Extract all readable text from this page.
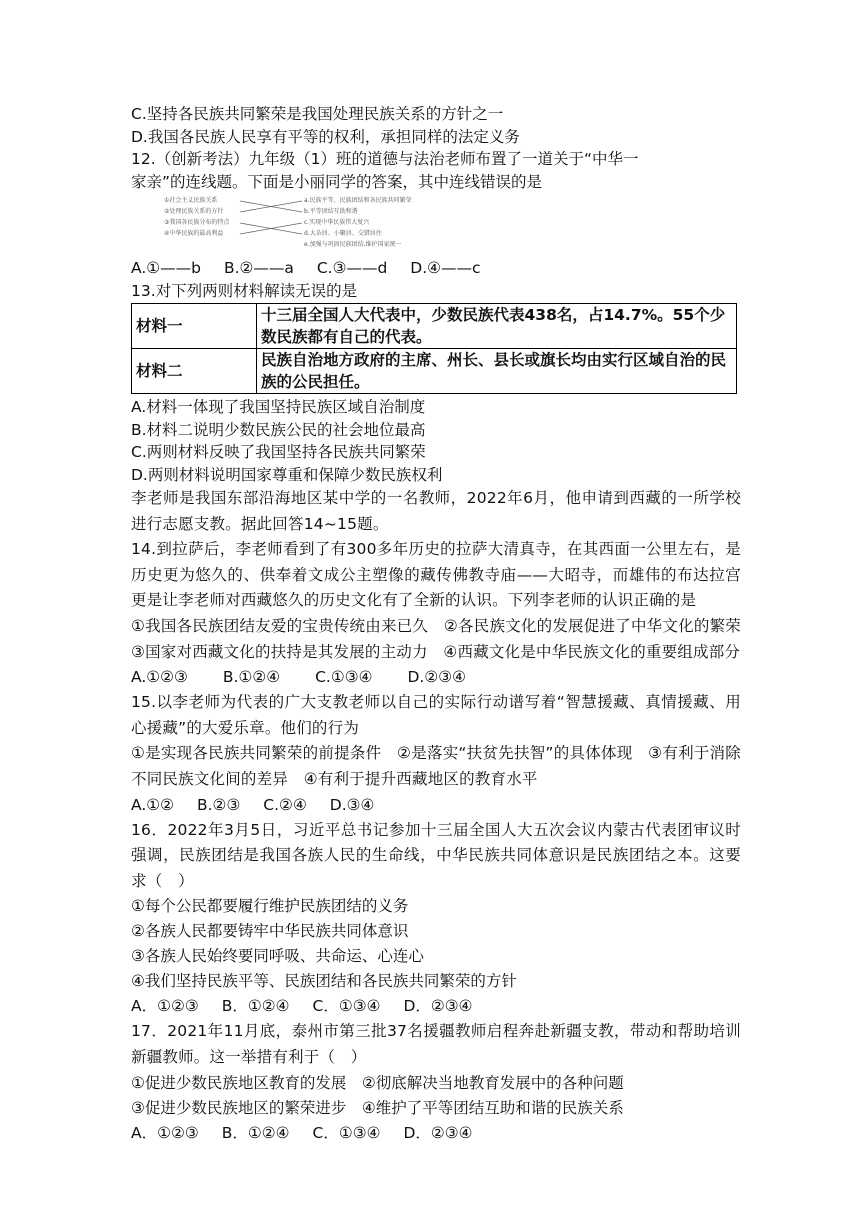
C.坚持各民族共同繁荣是我国处理民族关系的方针之一
D.我国各民族人民享有平等的权利，承担同样的法定义务
12.（创新考法）九年级（1）班的道德与法治老师布置了一道关于“中华一
家亲”的连线题。下面是小丽同学的答案，其中连线错误的是
①社会主义民族关系
②处理民族关系的方针
③我国各民族分布的特点
④中华民族的最高利益
a.民族平等、民族团结和各民族共同繁荣
b.平等团结互助和谐
c.实现中华民族伟大复兴
d.大杂居、小聚居、交错居住
e.加强与巩固民族团结,维护国家统一
A.①——b B.②——a C.③——d D.④——c
13.对下列两则材料解读无误的是
材料一	十三届全国人大代表中，少数民族代表438名，占14.7%。55个少数民族都有自己的代表。
材料二	民族自治地方政府的主席、州长、县长或旗长均由实行区域自治的民族的公民担任。
A.材料一体现了我国坚持民族区域自治制度
B.材料二说明少数民族公民的社会地位最高
C.两则材料反映了我国坚持各民族共同繁荣
D.两则材料说明国家尊重和保障少数民族权利
李老师是我国东部沿海地区某中学的一名教师，2022年6月，他申请到西藏的一所学校进行志愿支教。据此回答14~15题。
14.到拉萨后，李老师看到了有300多年历史的拉萨大清真寺，在其西面一公里左右，是历史更为悠久的、供奉着文成公主塑像的藏传佛教寺庙——大昭寺，而雄伟的布达拉宫更是让李老师对西藏悠久的历史文化有了全新的认识。下列李老师的认识正确的是
①我国各民族团结友爱的宝贵传统由来已久　②各民族文化的发展促进了中华文化的繁荣　③国家对西藏文化的扶持是其发展的主动力　④西藏文化是中华民族文化的重要组成部分
A.①②③ B.①②④ C.①③④ D.②③④
15.以李老师为代表的广大支教老师以自己的实际行动谱写着“智慧援藏、真情援藏、用心援藏”的大爱乐章。他们的行为
①是实现各民族共同繁荣的前提条件　②是落实“扶贫先扶智”的具体体现　③有利于消除不同民族文化间的差异　④有利于提升西藏地区的教育水平
A.①② B.②③ C.②④ D.③④
16．2022年3月5日，习近平总书记参加十三届全国人大五次会议内蒙古代表团审议时强调，民族团结是我国各族人民的生命线，中华民族共同体意识是民族团结之本。这要求（　）
①每个公民都要履行维护民族团结的义务
②各族人民都要铸牢中华民族共同体意识
③各族人民始终要同呼吸、共命运、心连心
④我们坚持民族平等、民族团结和各民族共同繁荣的方针
A．①②③ B．①②④ C．①③④ D．②③④
17．2021年11月底，泰州市第三批37名援疆教师启程奔赴新疆支教，带动和帮助培训新疆教师。这一举措有利于（　）
①促进少数民族地区教育的发展　②彻底解决当地教育发展中的各种问题
③促进少数民族地区的繁荣进步　④维护了平等团结互助和谐的民族关系
A．①②③ B．①②④ C．①③④ D．②③④
